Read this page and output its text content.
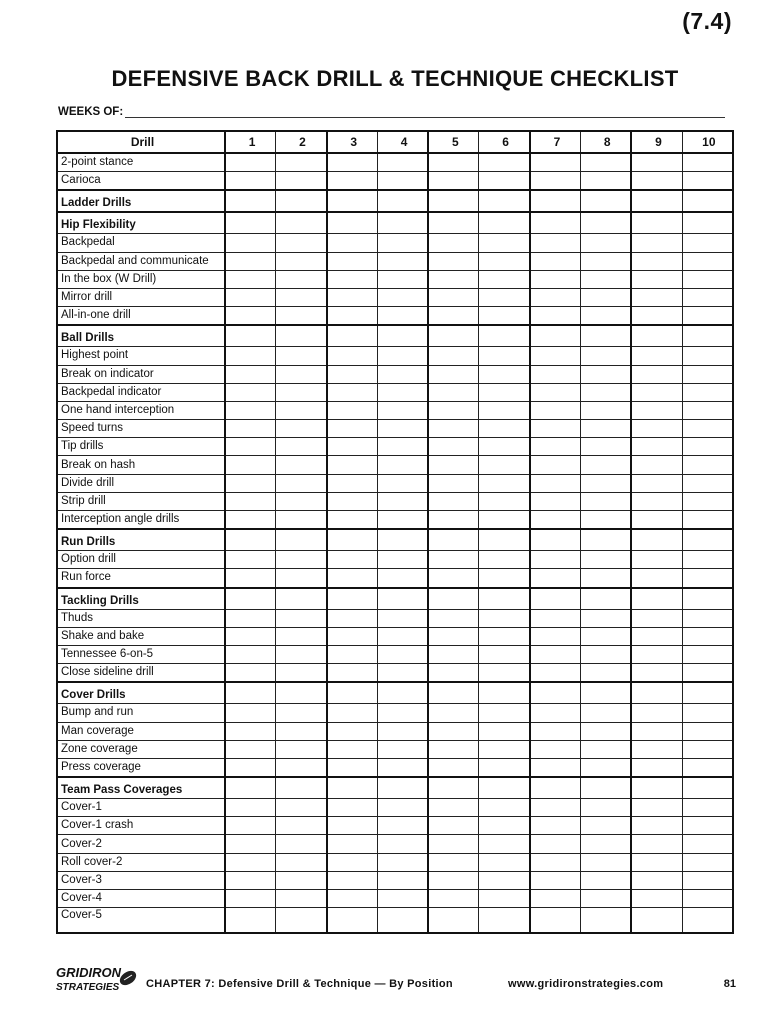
(7.4)
DEFENSIVE BACK DRILL & TECHNIQUE CHECKLIST
WEEKS OF:
Drill	1	2	3	4	5	6	7	8	9	10
2-point stance										
Carioca										
Ladder Drills										
Hip Flexibility										
Backpedal										
Backpedal and communicate										
In the box (W Drill)										
Mirror drill										
All-in-one drill										
Ball Drills										
Highest point										
Break on indicator										
Backpedal indicator										
One hand interception										
Speed turns										
Tip drills										
Break on hash										
Divide drill										
Strip drill										
Interception angle drills										
Run Drills										
Option drill										
Run force										
Tackling Drills										
Thuds										
Shake and bake										
Tennessee 6-on-5										
Close sideline drill										
Cover Drills										
Bump and run										
Man coverage										
Zone coverage										
Press coverage										
Team Pass Coverages										
Cover-1										
Cover-1 crash										
Cover-2										
Roll cover-2										
Cover-3										
Cover-4										
Cover-5										
GRIDIRON
STRATEGIES CHAPTER 7: Defensive Drill & Technique — By Position	www.gridironstrategies.com	81
